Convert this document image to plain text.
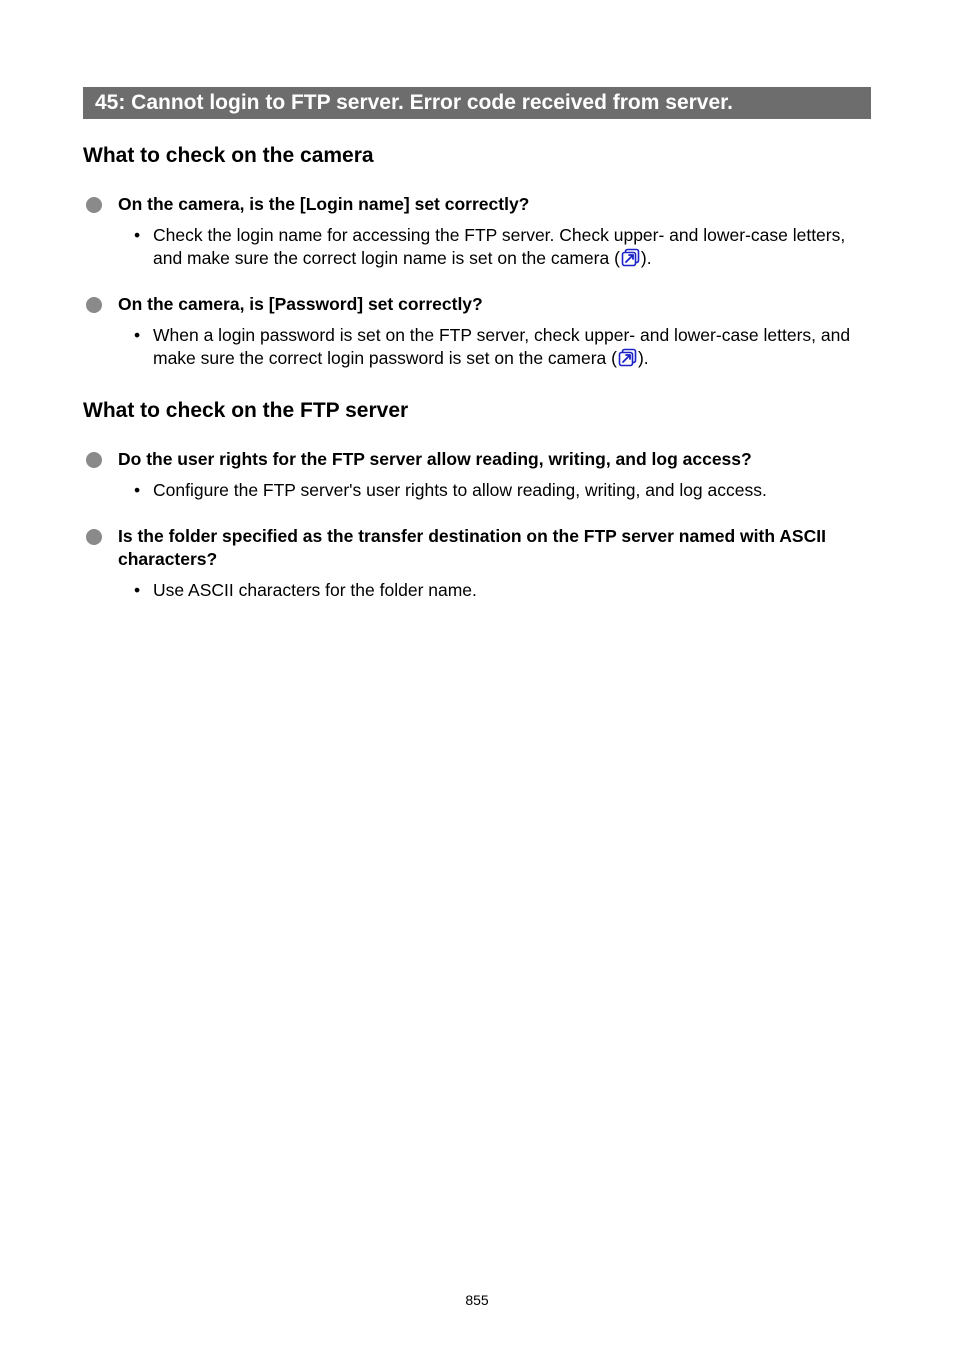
45: Cannot login to FTP server. Error code received from server.
What to check on the camera
On the camera, is the [Login name] set correctly?
• Check the login name for accessing the FTP server. Check upper- and lower-case letters, and make sure the correct login name is set on the camera ( ).
On the camera, is [Password] set correctly?
• When a login password is set on the FTP server, check upper- and lower-case letters, and make sure the correct login password is set on the camera ( ).
What to check on the FTP server
Do the user rights for the FTP server allow reading, writing, and log access?
• Configure the FTP server's user rights to allow reading, writing, and log access.
Is the folder specified as the transfer destination on the FTP server named with ASCII characters?
• Use ASCII characters for the folder name.
855
